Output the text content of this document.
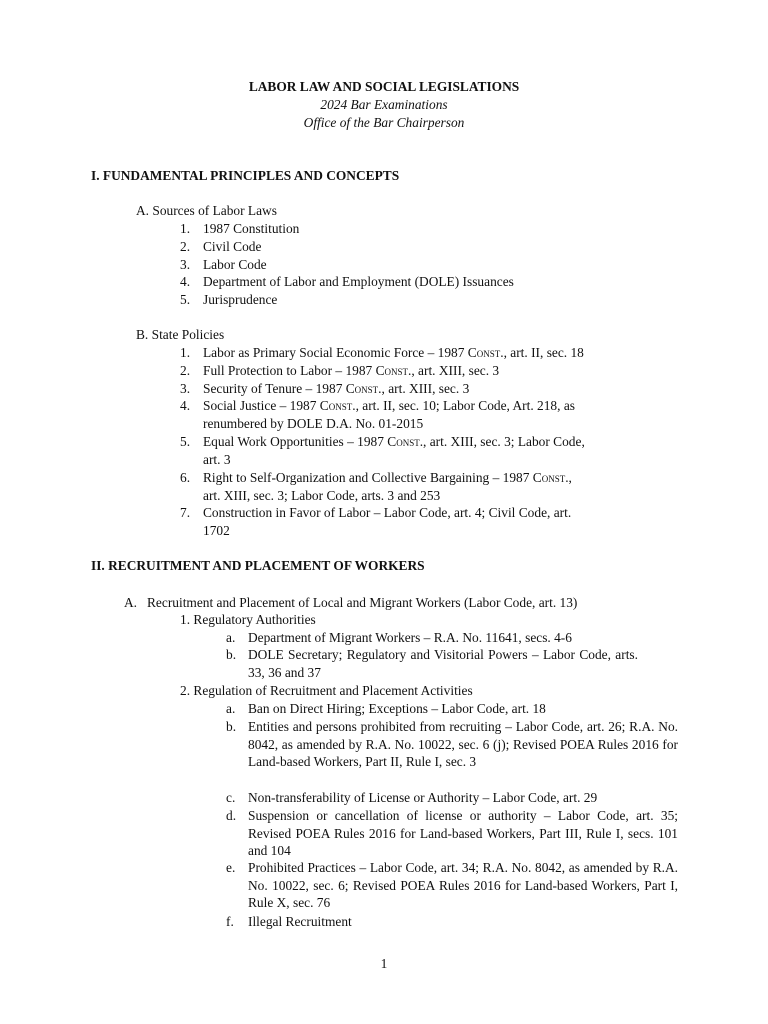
LABOR LAW AND SOCIAL LEGISLATIONS
2024 Bar Examinations
Office of the Bar Chairperson
I. FUNDAMENTAL PRINCIPLES AND CONCEPTS
A. Sources of Labor Laws
1. 1987 Constitution
2. Civil Code
3. Labor Code
4. Department of Labor and Employment (DOLE) Issuances
5. Jurisprudence
B. State Policies
1. Labor as Primary Social Economic Force – 1987 Const., art. II, sec. 18
2. Full Protection to Labor – 1987 Const., art. XIII, sec. 3
3. Security of Tenure – 1987 Const., art. XIII, sec. 3
4. Social Justice – 1987 Const., art. II, sec. 10; Labor Code, Art. 218, as
renumbered by DOLE D.A. No. 01-2015
5. Equal Work Opportunities – 1987 Const., art. XIII, sec. 3; Labor Code,
art. 3
6. Right to Self-Organization and Collective Bargaining – 1987 Const.,
art. XIII, sec. 3; Labor Code, arts. 3 and 253
7. Construction in Favor of Labor – Labor Code, art. 4; Civil Code, art.
1702
II. RECRUITMENT AND PLACEMENT OF WORKERS
A. Recruitment and Placement of Local and Migrant Workers (Labor Code, art. 13)
1. Regulatory Authorities
a. Department of Migrant Workers – R.A. No. 11641, secs. 4-6
b. DOLE Secretary; Regulatory and Visitorial Powers – Labor Code, arts. 33, 36 and 37
2. Regulation of Recruitment and Placement Activities
a. Ban on Direct Hiring; Exceptions – Labor Code, art. 18
b. Entities and persons prohibited from recruiting – Labor Code, art. 26; R.A. No. 8042, as amended by R.A. No. 10022, sec. 6 (j); Revised POEA Rules 2016 for Land-based Workers, Part II, Rule I, sec. 3
c. Non-transferability of License or Authority – Labor Code, art. 29
d. Suspension or cancellation of license or authority – Labor Code, art. 35; Revised POEA Rules 2016 for Land-based Workers, Part III, Rule I, secs. 101 and 104
e. Prohibited Practices – Labor Code, art. 34; R.A. No. 8042, as amended by R.A. No. 10022, sec. 6; Revised POEA Rules 2016 for Land-based Workers, Part I, Rule X, sec. 76
f. Illegal Recruitment
1
